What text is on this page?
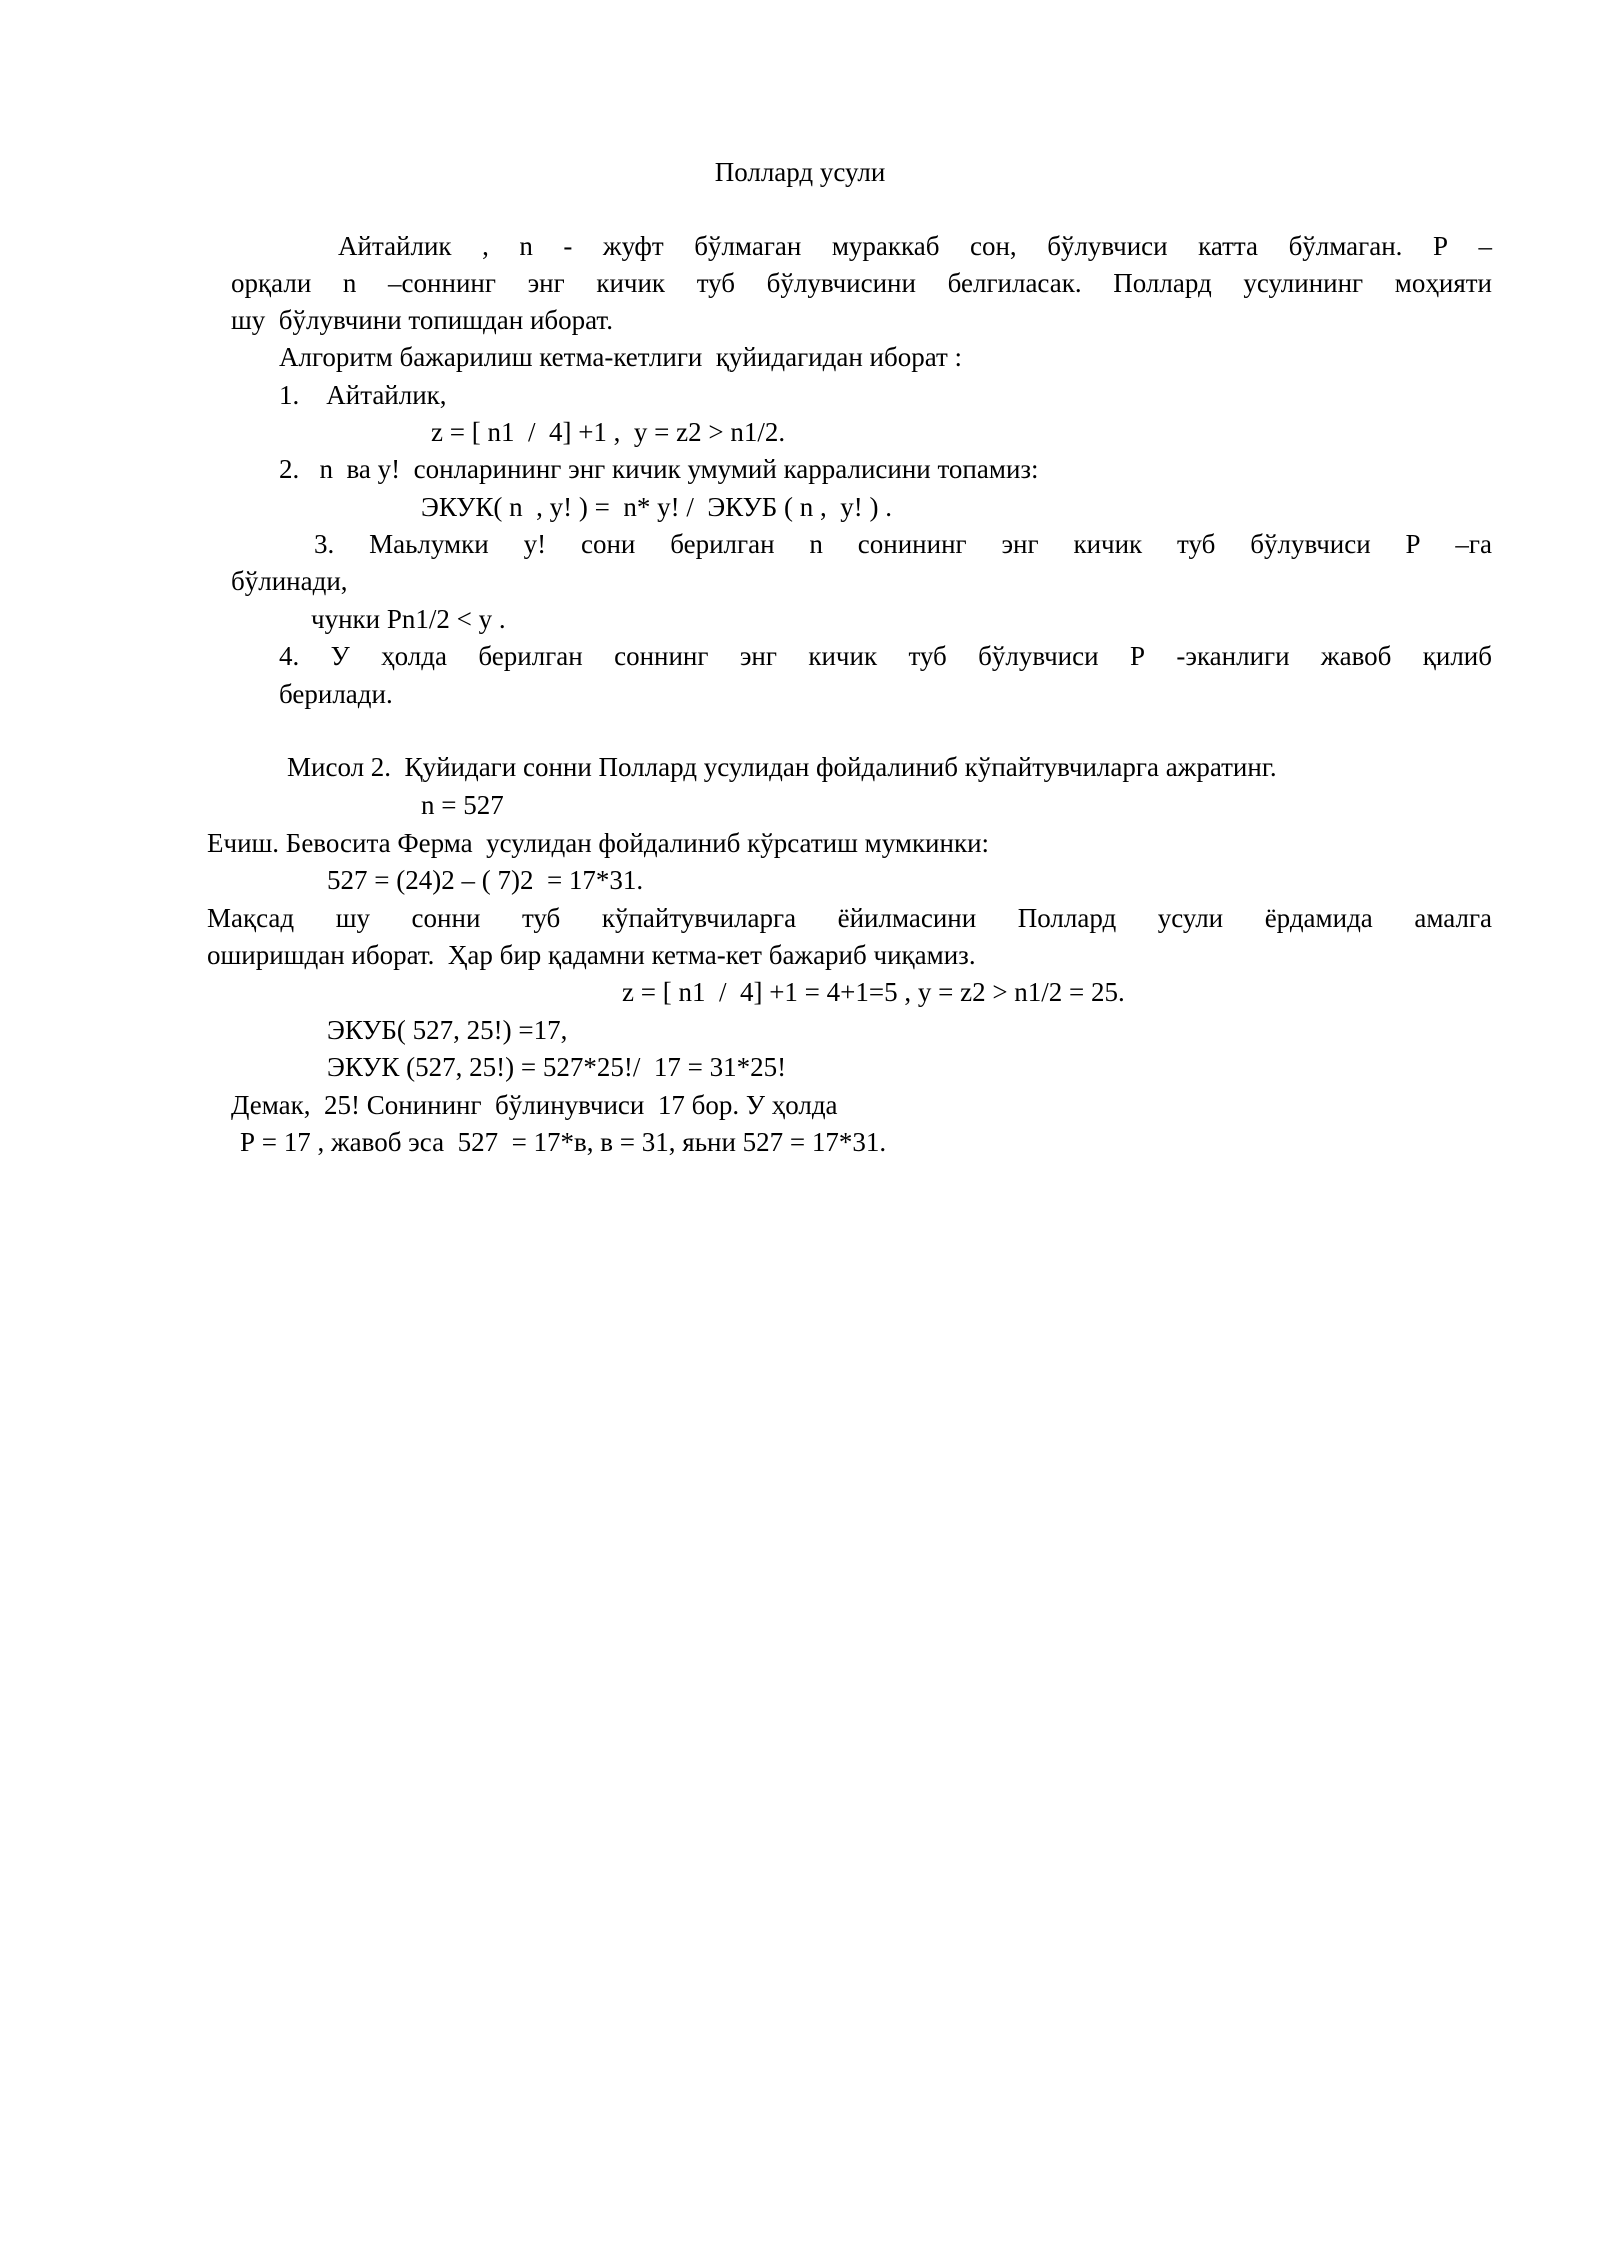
Поллард усули
Айтайлик , n - жуфт бўлмаган мураккаб сон, бўлувчиси катта бўлмаган. Р –
орқали n –соннинг энг кичик туб бўлувчисини белгиласак. Поллард усулининг моҳияти
шу  бўлувчини топишдан иборат.
Алгоритм бажарилиш кетма-кетлиги  қуйидагидан иборат :
1.    Айтайлик,
z = [ n1  /  4] +1 ,  y = z2 > n1/2.
2.   n  ва y!  сонларининг энг кичик умумий карралисини топамиз:
ЭКУК( n  , y! ) =  n* y! /  ЭКУБ ( n ,  y! ) .
3. Маьлумки y! сони берилган n сонининг энг кичик туб бўлувчиси Р –га
бўлинади,
чунки Рn1/2 < y .
4. У ҳолда берилган соннинг энг кичик туб бўлувчиси Р -эканлиги жавоб қилиб
берилади.
Мисол 2.  Қуйидаги сонни Поллард усулидан фойдалиниб кўпайтувчиларга ажратинг.
n = 527
Ечиш. Бевосита Ферма  усулидан фойдалиниб кўрсатиш мумкинки:
527 = (24)2 – ( 7)2  = 17*31.
Мақсад шу сонни туб кўпайтувчиларга ёйилмасини Поллард усули ёрдамида амалга
оширишдан иборат.  Ҳар бир қадамни кетма-кет бажариб чиқамиз.
z = [ n1  /  4] +1 = 4+1=5 , y = z2 > n1/2 = 25.
ЭКУБ( 527, 25!) =17,
ЭКУК (527, 25!) = 527*25!/  17 = 31*25!
Демак,  25! Сонининг  бўлинувчиси  17 бор. У ҳолда
Р = 17 , жавоб эса  527  = 17*в, в = 31, яьни 527 = 17*31.
